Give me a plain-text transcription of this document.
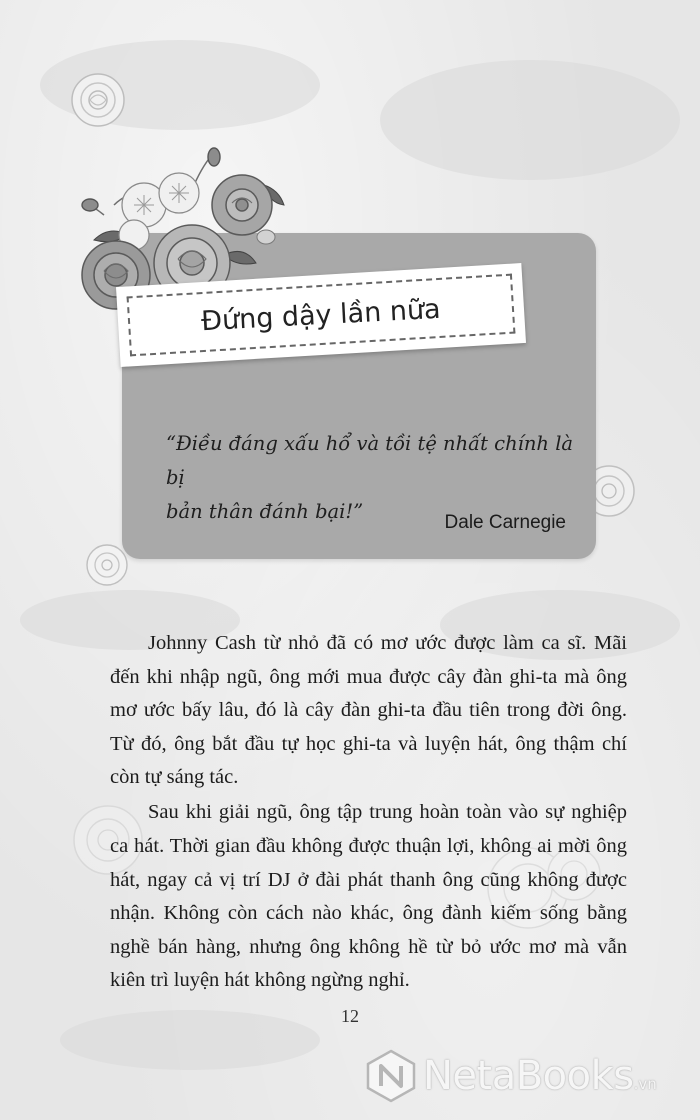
Đứng dậy lần nữa
“Điều đáng xấu hổ và tồi tệ nhất chính là bị
bản thân đánh bại!”	Dale Carnegie

Johnny Cash từ nhỏ đã có mơ ước được làm ca sĩ. Mãi đến khi nhập ngũ, ông mới mua được cây đàn ghi-ta mà ông mơ ước bấy lâu, đó là cây đàn ghi-ta đầu tiên trong đời ông. Từ đó, ông bắt đầu tự học ghi-ta và luyện hát, ông thậm chí còn tự sáng tác.

Sau khi giải ngũ, ông tập trung hoàn toàn vào sự nghiệp ca hát. Thời gian đầu không được thuận lợi, không ai mời ông hát, ngay cả vị trí DJ ở đài phát thanh ông cũng không được nhận. Không còn cách nào khác, ông đành kiếm sống bằng nghề bán hàng, nhưng ông không hề từ bỏ ước mơ mà vẫn kiên trì luyện hát không ngừng nghỉ.

12
NetaBooks.vn
